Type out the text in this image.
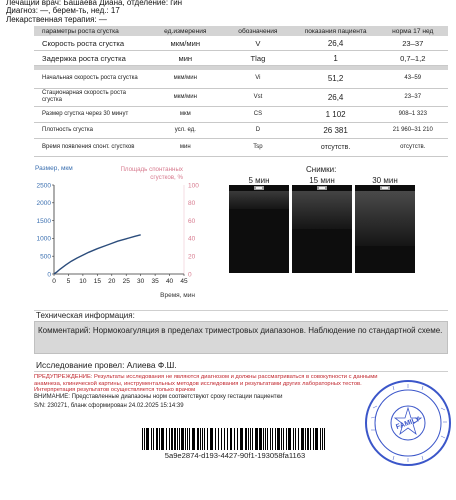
Лечащий врач: Башаева Диана, отделение: гин
Диагноз: —, берем-ть, нед.: 17
Лекарственная терапия: —
параметры роста сгустка	ед.измерения	обозначения	показания пациента	норма 17 нед
Скорость роста сгустка	мкм/мин	V	26,4	23–37
Задержка роста сгустка	мин	Tlag	1	0,7–1,2

Начальная скорость роста сгустка	мкм/мин	Vi	51,2	43–59
Стационарная скорость роста сгустка	мкм/мин	Vst	26,4	23–37
Размер сгустка через 30 минут	мкм	CS	1 102	908–1 323
Плотность сгустка	усл. ед.	D	26 381	21 960–31 210
Время появления спонт. сгустков	мин	Tsp	отсутств.	отсутств.
Размер, мкм	Площадь спонтанных сгустков, %
Время, мин
0 5 10 15 20 25 30 35 40 45
0
500
1000
1500
2000
2500
0
20
40
60
80
100
Снимки:
5 мин	15 мин	30 мин
Техническая информация:
Комментарий: Нормокоагуляция в пределах триместровых диапазонов. Наблюдение по стандартной схеме.
Исследование провел: Алиева Ф.Ш.
ПРЕДУПРЕЖДЕНИЕ: Результаты исследования не являются диагнозом и должны рассматриваться в совокупности с данными анамнеза, клинической картины, инструментальных методов исследования и результатами других лабораторных тестов. Интерпретация результатов осуществляется только врачом
ВНИМАНИЕ: Представленные диапазоны норм соответствуют сроку гестации пациентки
S/N: 230271, бланк сформирован 24.02.2025 15:14:39
FAMILY
5a9e2874-d193-4427-90f1-193058fa1163
